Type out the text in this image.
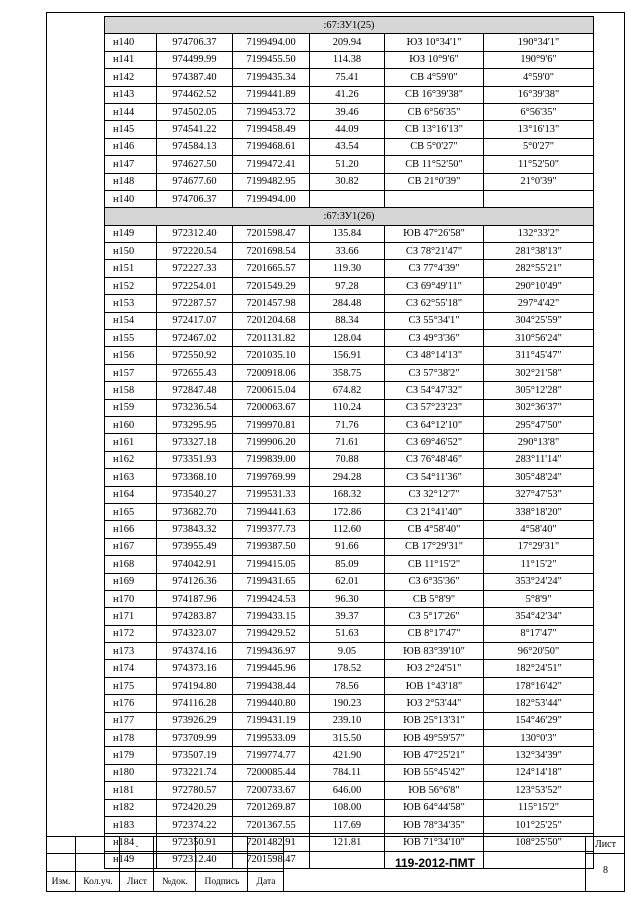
:67:ЗУ1(25)					
н140	974706.37	7199494.00	209.94	ЮЗ 10°34'1"	190°34'1"
н141	974499.99	7199455.50	114.38	ЮЗ 10°9'6"	190°9'6"
н142	974387.40	7199435.34	75.41	СВ 4°59'0"	4°59'0"
н143	974462.52	7199441.89	41.26	СВ 16°39'38"	16°39'38"
н144	974502.05	7199453.72	39.46	СВ 6°56'35"	6°56'35"
н145	974541.22	7199458.49	44.09	СВ 13°16'13"	13°16'13"
н146	974584.13	7199468.61	43.54	СВ 5°0'27"	5°0'27"
н147	974627.50	7199472.41	51.20	СВ 11°52'50"	11°52'50"
н148	974677.60	7199482.95	30.82	СВ 21°0'39"	21°0'39"
н140	974706.37	7199494.00			
:67:ЗУ1(26)					
н149	972312.40	7201598.47	135.84	ЮВ 47°26'58"	132°33'2"
н150	972220.54	7201698.54	33.66	СЗ 78°21'47"	281°38'13"
н151	972227.33	7201665.57	119.30	СЗ 77°4'39"	282°55'21"
н152	972254.01	7201549.29	97.28	СЗ 69°49'11"	290°10'49"
н153	972287.57	7201457.98	284.48	СЗ 62°55'18"	297°4'42"
н154	972417.07	7201204.68	88.34	СЗ 55°34'1"	304°25'59"
н155	972467.02	7201131.82	128.04	СЗ 49°3'36"	310°56'24"
н156	972550.92	7201035.10	156.91	СЗ 48°14'13"	311°45'47"
н157	972655.43	7200918.06	358.75	СЗ 57°38'2"	302°21'58"
н158	972847.48	7200615.04	674.82	СЗ 54°47'32"	305°12'28"
н159	973236.54	7200063.67	110.24	СЗ 57°23'23"	302°36'37"
н160	973295.95	7199970.81	71.76	СЗ 64°12'10"	295°47'50"
н161	973327.18	7199906.20	71.61	СЗ 69°46'52"	290°13'8"
н162	973351.93	7199839.00	70.88	СЗ 76°48'46"	283°11'14"
н163	973368.10	7199769.99	294.28	СЗ 54°11'36"	305°48'24"
н164	973540.27	7199531.33	168.32	СЗ 32°12'7"	327°47'53"
н165	973682.70	7199441.63	172.86	СЗ 21°41'40"	338°18'20"
н166	973843.32	7199377.73	112.60	СВ 4°58'40"	4°58'40"
н167	973955.49	7199387.50	91.66	СВ 17°29'31"	17°29'31"
н168	974042.91	7199415.05	85.09	СВ 11°15'2"	11°15'2"
н169	974126.36	7199431.65	62.01	СЗ 6°35'36"	353°24'24"
н170	974187.96	7199424.53	96.30	СВ 5°8'9"	5°8'9"
н171	974283.87	7199433.15	39.37	СЗ 5°17'26"	354°42'34"
н172	974323.07	7199429.52	51.63	СВ 8°17'47"	8°17'47"
н173	974374.16	7199436.97	9.05	ЮВ 83°39'10"	96°20'50"
н174	974373.16	7199445.96	178.52	ЮЗ 2°24'51"	182°24'51"
н175	974194.80	7199438.44	78.56	ЮВ 1°43'18"	178°16'42"
н176	974116.28	7199440.80	190.23	ЮЗ 2°53'44"	182°53'44"
н177	973926.29	7199431.19	239.10	ЮВ 25°13'31"	154°46'29"
н178	973709.99	7199533.09	315.50	ЮВ 49°59'57"	130°0'3"
н179	973507.19	7199774.77	421.90	ЮВ 47°25'21"	132°34'39"
н180	973221.74	7200085.44	784.11	ЮВ 55°45'42"	124°14'18"
н181	972780.57	7200733.67	646.00	ЮВ 56°6'8"	123°53'52"
н182	972420.29	7201269.87	108.00	ЮВ 64°44'58"	115°15'2"
н183	972374.22	7201367.55	117.69	ЮВ 78°34'35"	101°25'25"
н184	972350.91	7201482.91	121.81	ЮВ 71°34'10"	108°25'50"
н149	972312.40	7201598.47			
.
Изм.	Кол.уч.	Лист	№док.	Подпись	Дата
119-2012-ПМТ
Лист
8
